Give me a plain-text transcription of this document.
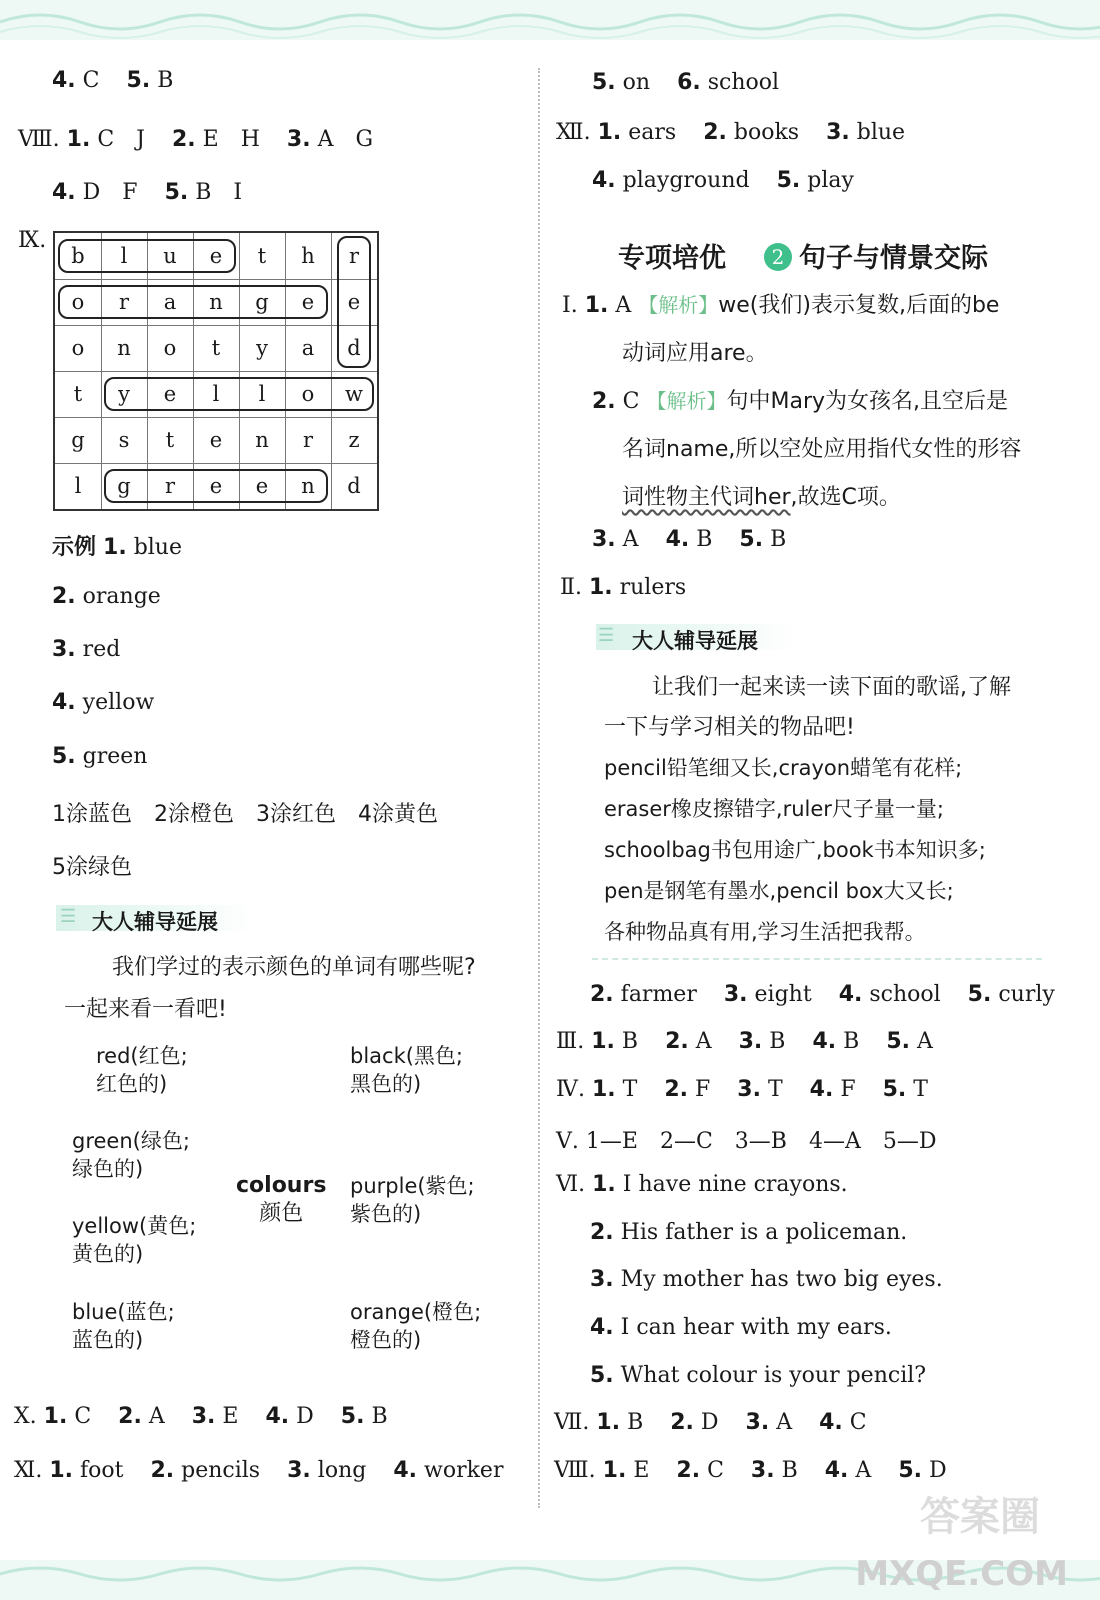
4. C 5. B
Ⅷ. 1. C　J 2. E　H 3. A　G
4. D　F 5. B　I
Ⅸ.
b	l	u	e	t	h	r
o	r	a	n	g	e	e
o	n	o	t	y	a	d
t	y	e	l	l	o	w
g	s	t	e	n	r	z
l	g	r	e	e	n	d
示例 1. blue
2. orange
3. red
4. yellow
5. green
1涂蓝色　2涂橙色　3涂红色　4涂黄色
5涂绿色
☰ 大人辅导延展
我们学过的表示颜色的单词有哪些呢?
一起来看一看吧!
red(红色;
红色的)
black(黑色;
黑色的)
green(绿色;
绿色的)
colours
颜色
purple(紫色;
紫色的)
yellow(黄色;
黄色的)
blue(蓝色;
蓝色的)
orange(橙色;
橙色的)
Ⅹ. 1. C 2. A 3. E 4. D 5. B
Ⅺ. 1. foot 2. pencils 3. long 4. worker
5. on 6. school
Ⅻ. 1. ears 2. books 3. blue
4. playground 5. play
专项培优 2 句子与情景交际
Ⅰ. 1. A 【解析】we(我们)表示复数,后面的be
动词应用are。
2. C 【解析】句中Mary为女孩名,且空后是
名词name,所以空处应用指代女性的形容
词性物主代词her,故选C项。
3. A 4. B 5. B
Ⅱ. 1. rulers
☰ 大人辅导延展
让我们一起来读一读下面的歌谣,了解
一下与学习相关的物品吧!
pencil铅笔细又长,crayon蜡笔有花样;
eraser橡皮擦错字,ruler尺子量一量;
schoolbag书包用途广,book书本知识多;
pen是钢笔有墨水,pencil box大又长;
各种物品真有用,学习生活把我帮。
2. farmer 3. eight 4. school 5. curly
Ⅲ. 1. B 2. A 3. B 4. B 5. A
Ⅳ. 1. T 2. F 3. T 4. F 5. T
Ⅴ. 1—E　2—C　3—B　4—A　5—D
Ⅵ. 1. I have nine crayons.
2. His father is a policeman.
3. My mother has two big eyes.
4. I can hear with my ears.
5. What colour is your pencil?
Ⅶ. 1. B 2. D 3. A 4. C
Ⅷ. 1. E 2. C 3. B 4. A 5. D
答案圈
MXQE.COM
